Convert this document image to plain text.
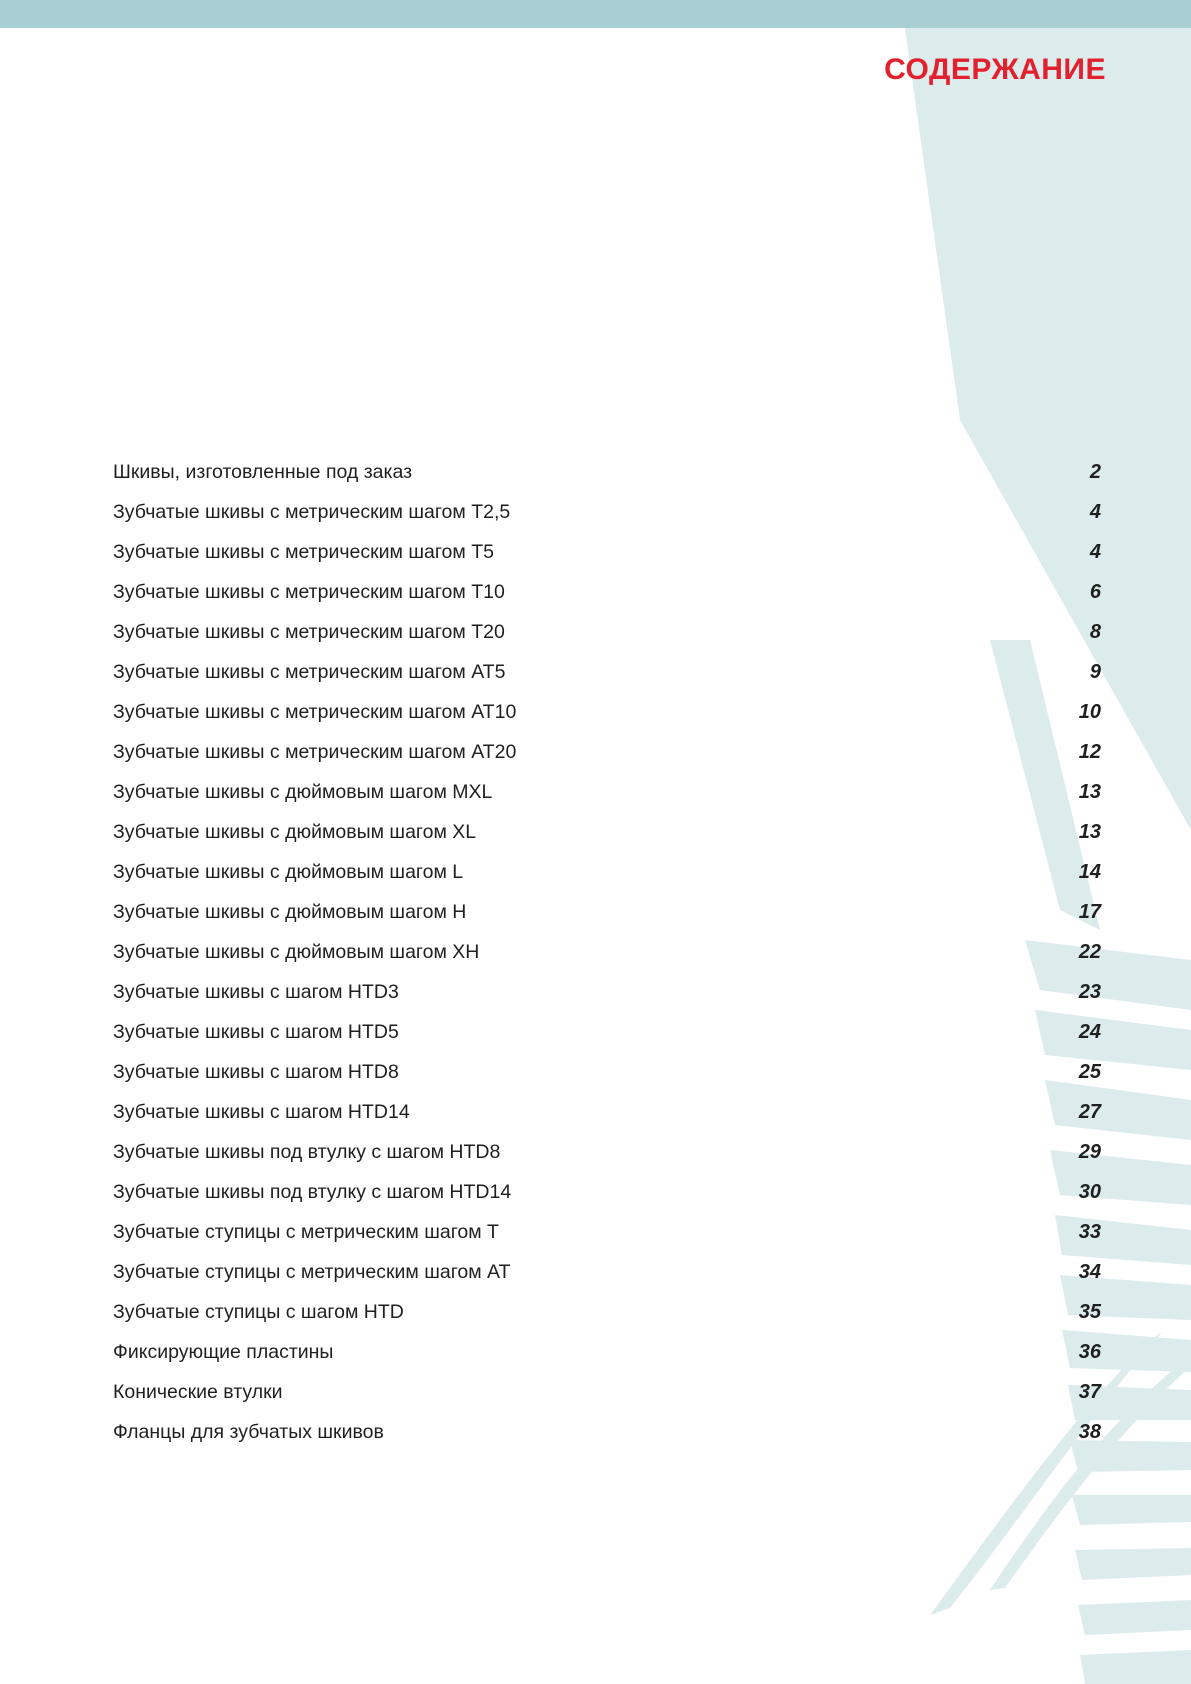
СОДЕРЖАНИЕ
Шкивы, изготовленные под заказ	2
Зубчатые шкивы с метрическим шагом Т2,5	4
Зубчатые шкивы с метрическим шагом Т5	4
Зубчатые шкивы с метрическим шагом Т10	6
Зубчатые шкивы с метрическим шагом Т20	8
Зубчатые шкивы с метрическим шагом АТ5	9
Зубчатые шкивы с метрическим шагом АТ10	10
Зубчатые шкивы с метрическим шагом АТ20	12
Зубчатые шкивы с дюймовым шагом MXL	13
Зубчатые шкивы с дюймовым шагом XL	13
Зубчатые шкивы с дюймовым шагом L	14
Зубчатые шкивы с дюймовым шагом H	17
Зубчатые шкивы с дюймовым шагом XH	22
Зубчатые шкивы с шагом HTD3	23
Зубчатые шкивы с шагом HTD5	24
Зубчатые шкивы с шагом HTD8	25
Зубчатые шкивы с шагом HTD14	27
Зубчатые шкивы под втулку с шагом HTD8	29
Зубчатые шкивы под втулку с шагом HTD14	30
Зубчатые ступицы с метрическим шагом Т	33
Зубчатые ступицы с метрическим шагом АТ	34
Зубчатые ступицы с шагом HTD	35
Фиксирующие пластины	36
Конические втулки	37
Фланцы для зубчатых шкивов	38
